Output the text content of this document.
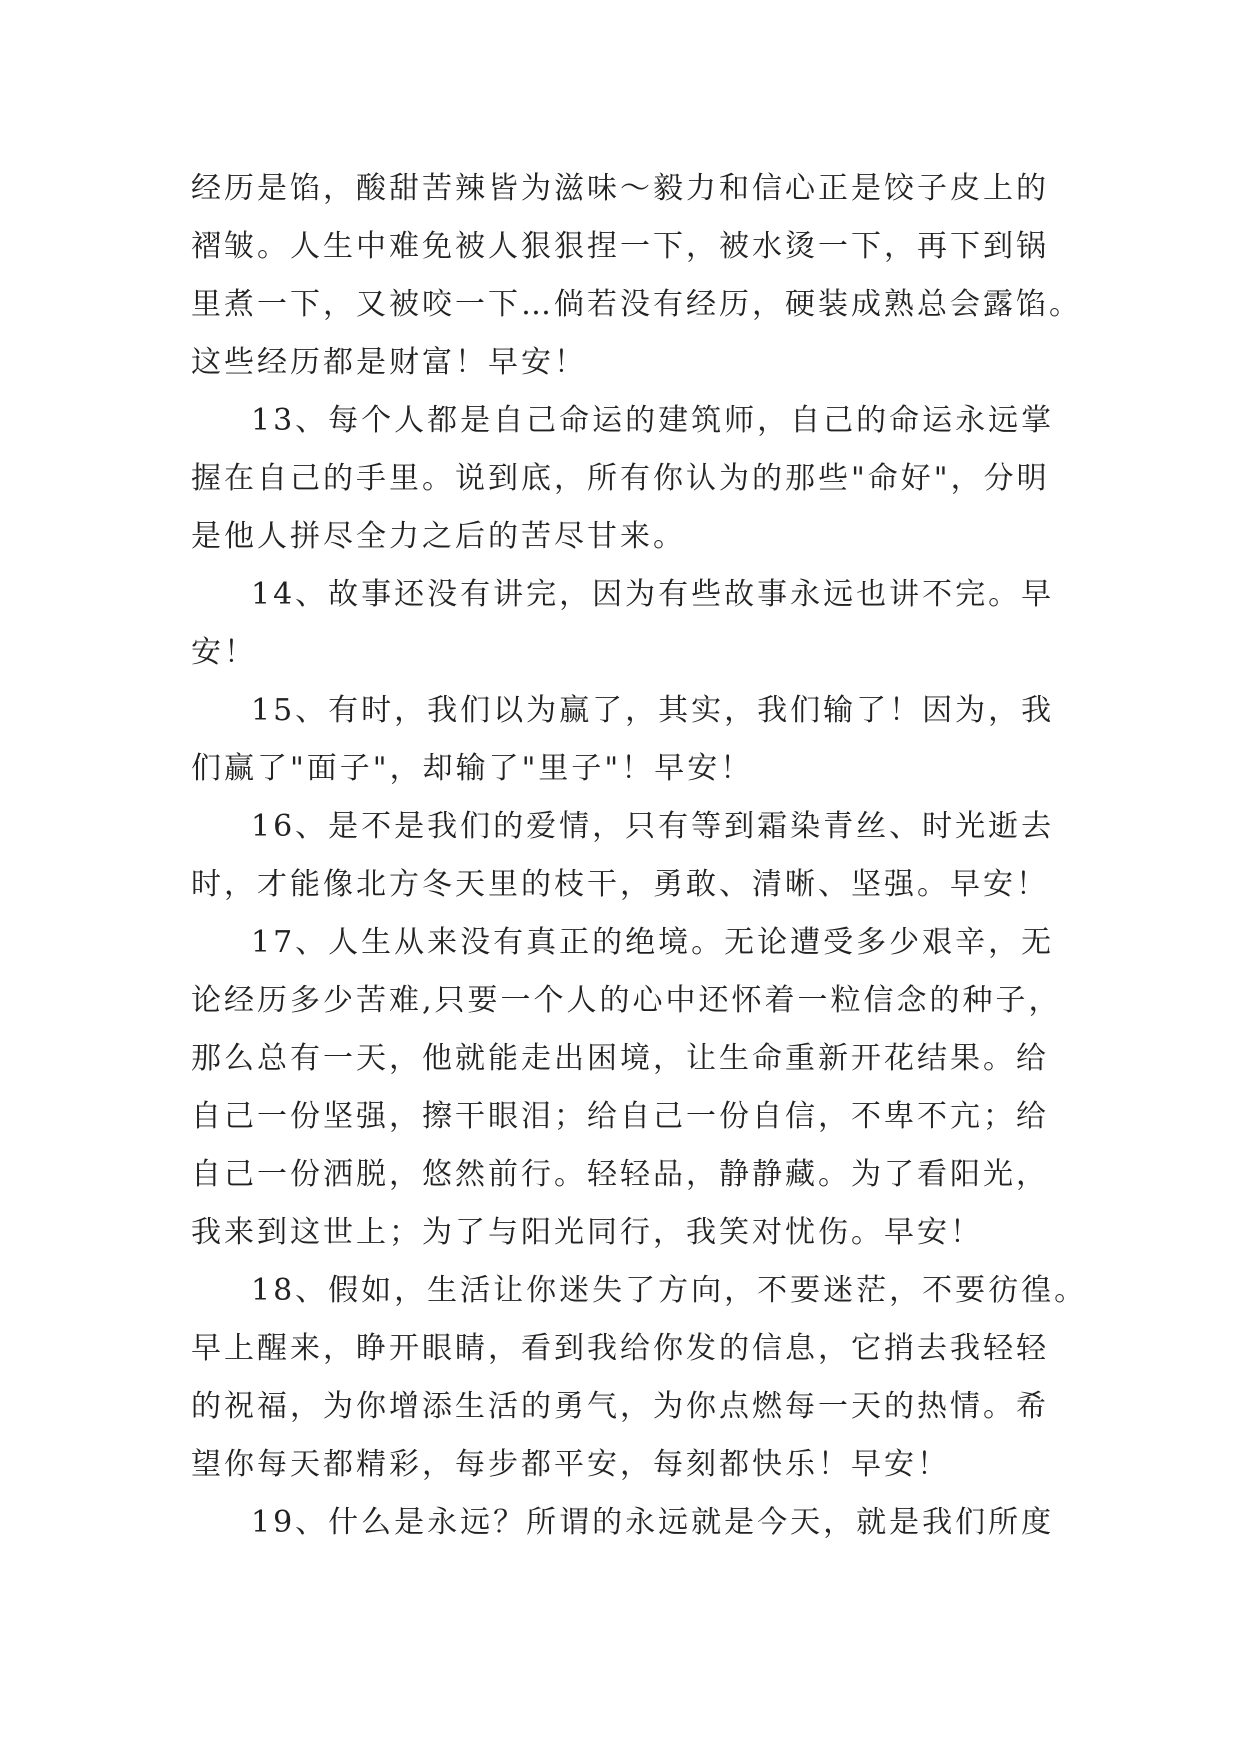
经历是馅，酸甜苦辣皆为滋味～毅力和信心正是饺子皮上的
褶皱。人生中难免被人狠狠捏一下，被水烫一下，再下到锅
里煮一下，又被咬一下…倘若没有经历，硬装成熟总会露馅。
这些经历都是财富！早安！
13、每个人都是自己命运的建筑师，自己的命运永远掌
握在自己的手里。说到底，所有你认为的那些"命好"，分明
是他人拼尽全力之后的苦尽甘来。
14、故事还没有讲完，因为有些故事永远也讲不完。早
安！
15、有时，我们以为赢了，其实，我们输了！因为，我
们赢了"面子"，却输了"里子"！早安！
16、是不是我们的爱情，只有等到霜染青丝、时光逝去
时，才能像北方冬天里的枝干，勇敢、清晰、坚强。早安！
17、人生从来没有真正的绝境。无论遭受多少艰辛，无
论经历多少苦难,只要一个人的心中还怀着一粒信念的种子，
那么总有一天，他就能走出困境，让生命重新开花结果。给
自己一份坚强，擦干眼泪；给自己一份自信，不卑不亢；给
自己一份洒脱，悠然前行。轻轻品，静静藏。为了看阳光，
我来到这世上；为了与阳光同行，我笑对忧伤。早安！
18、假如，生活让你迷失了方向，不要迷茫，不要彷徨。
早上醒来，睁开眼睛，看到我给你发的信息，它捎去我轻轻
的祝福，为你增添生活的勇气，为你点燃每一天的热情。希
望你每天都精彩，每步都平安，每刻都快乐！早安！
19、什么是永远？所谓的永远就是今天，就是我们所度
